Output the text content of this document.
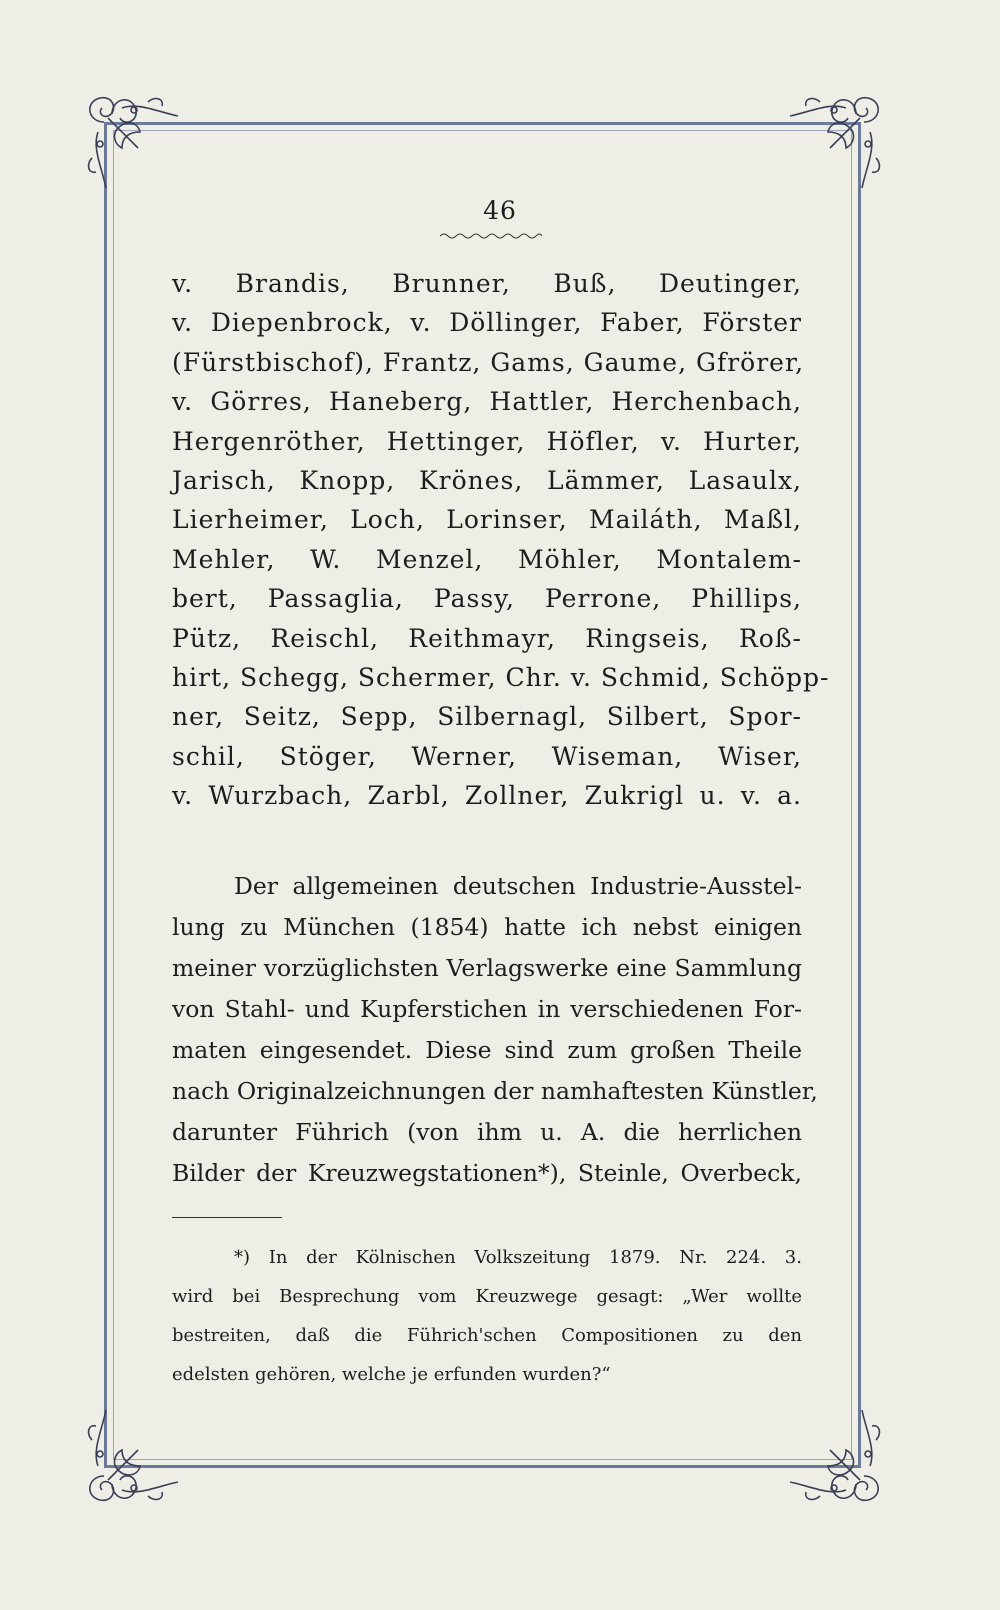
46
v. Brandis, Brunner, Buß, Deutinger,
v. Diepenbrock, v. Döllinger, Faber, Förster
(Fürstbischof), Frantz, Gams, Gaume, Gfrörer,
v. Görres, Haneberg, Hattler, Herchenbach,
Hergenröther, Hettinger, Höfler, v. Hurter,
Jarisch, Knopp, Krönes, Lämmer, Lasaulx,
Lierheimer, Loch, Lorinser, Mailáth, Maßl,
Mehler, W. Menzel, Möhler, Montalem-
bert, Passaglia, Passy, Perrone, Phillips,
Pütz, Reischl, Reithmayr, Ringseis, Roß-
hirt, Schegg, Schermer, Chr. v. Schmid, Schöpp-
ner, Seitz, Sepp, Silbernagl, Silbert, Spor-
schil, Stöger, Werner, Wiseman, Wiser,
v. Wurzbach, Zarbl, Zollner, Zukrigl u. v. a.
Der allgemeinen deutschen Industrie-Ausstel-
lung zu München (1854) hatte ich nebst einigen
meiner vorzüglichsten Verlagswerke eine Sammlung
von Stahl- und Kupferstichen in verschiedenen For-
maten eingesendet. Diese sind zum großen Theile
nach Originalzeichnungen der namhaftesten Künstler,
darunter Führich (von ihm u. A. die herrlichen
Bilder der Kreuzwegstationen*), Steinle, Overbeck,
*) In der Kölnischen Volkszeitung 1879. Nr. 224. 3.
wird bei Besprechung vom Kreuzwege gesagt: „Wer wollte
bestreiten, daß die Führich'schen Compositionen zu den
edelsten gehören, welche je erfunden wurden?“
